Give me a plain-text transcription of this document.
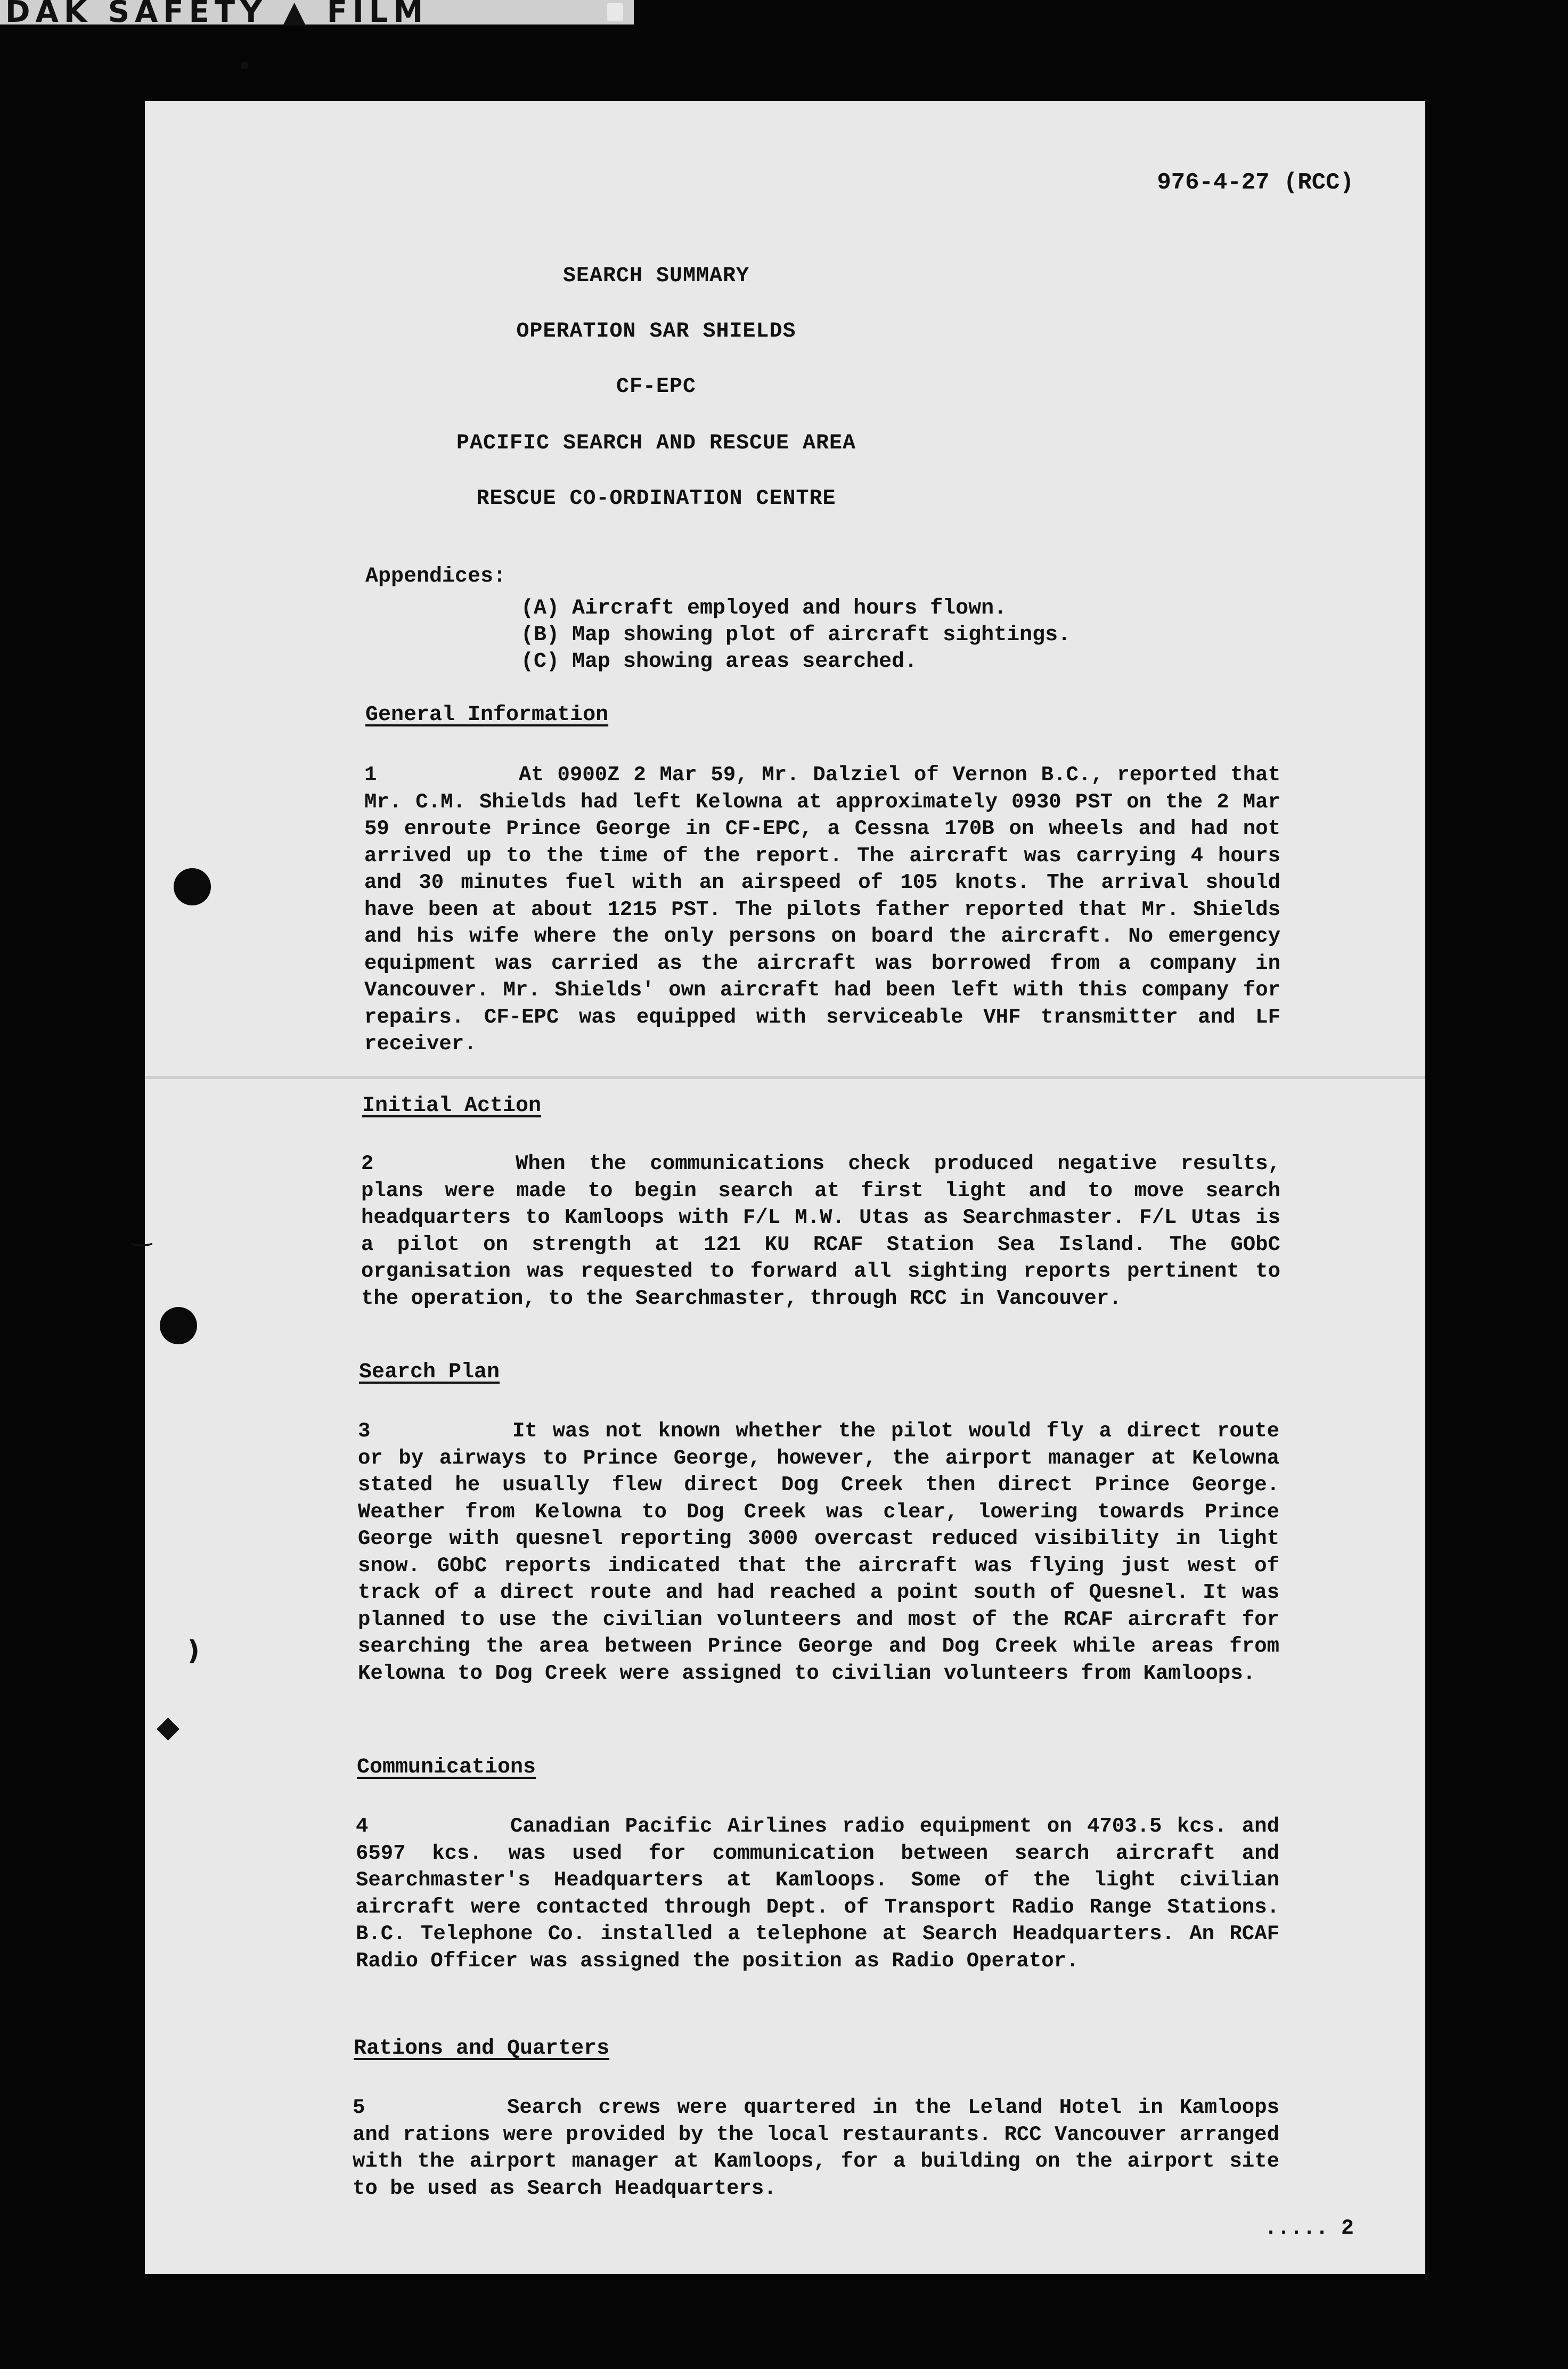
DAK SAFETY ▲ FILM
•
976-4-27 (RCC)
SEARCH SUMMARY
OPERATION SAR SHIELDS
CF-EPC
PACIFIC SEARCH AND RESCUE AREA
RESCUE CO-ORDINATION CENTRE
Appendices:
(A) Aircraft employed and hours flown.
(B) Map showing plot of aircraft sightings.
(C) Map showing areas searched.
General Information
1	At 0900Z 2 Mar 59, Mr. Dalziel of Vernon B.C., reported that Mr. C.M. Shields had left Kelowna at approximately 0930 PST on the 2 Mar 59 enroute Prince George in CF-EPC, a Cessna 170B on wheels and had not arrived up to the time of the report. The aircraft was carrying 4 hours and 30 minutes fuel with an airspeed of 105 knots. The arrival should have been at about 1215 PST. The pilots father reported that Mr. Shields and his wife where the only persons on board the aircraft. No emergency equipment was carried as the aircraft was borrowed from a company in Vancouver. Mr. Shields' own aircraft had been left with this company for repairs. CF-EPC was equipped with serviceable VHF transmitter and LF receiver.
Initial Action
2	When the communications check produced negative results, plans were made to begin search at first light and to move search headquarters to Kamloops with F/L M.W. Utas as Searchmaster. F/L Utas is a pilot on strength at 121 KU RCAF Station Sea Island. The GObC organisation was requested to forward all sighting reports pertinent to the operation, to the Searchmaster, through RCC in Vancouver.
Search Plan
3	It was not known whether the pilot would fly a direct route or by airways to Prince George, however, the airport manager at Kelowna stated he usually flew direct Dog Creek then direct Prince George. Weather from Kelowna to Dog Creek was clear, lowering towards Prince George with quesnel reporting 3000 overcast reduced visibility in light snow. GObC reports indicated that the aircraft was flying just west of track of a direct route and had reached a point south of Quesnel. It was planned to use the civilian volunteers and most of the RCAF aircraft for searching the area between Prince George and Dog Creek while areas from Kelowna to Dog Creek were assigned to civilian volunteers from Kamloops.
Communications
4	Canadian Pacific Airlines radio equipment on 4703.5 kcs. and 6597 kcs. was used for communication between search aircraft and Searchmaster's Headquarters at Kamloops. Some of the light civilian aircraft were contacted through Dept. of Transport Radio Range Stations. B.C. Telephone Co. installed a telephone at Search Headquarters. An RCAF Radio Officer was assigned the position as Radio Operator.
Rations and Quarters
5	Search crews were quartered in the Leland Hotel in Kamloops and rations were provided by the local restaurants. RCC Vancouver arranged with the airport manager at Kamloops, for a building on the airport site to be used as Search Headquarters.
..... 2
‿
)
◆
